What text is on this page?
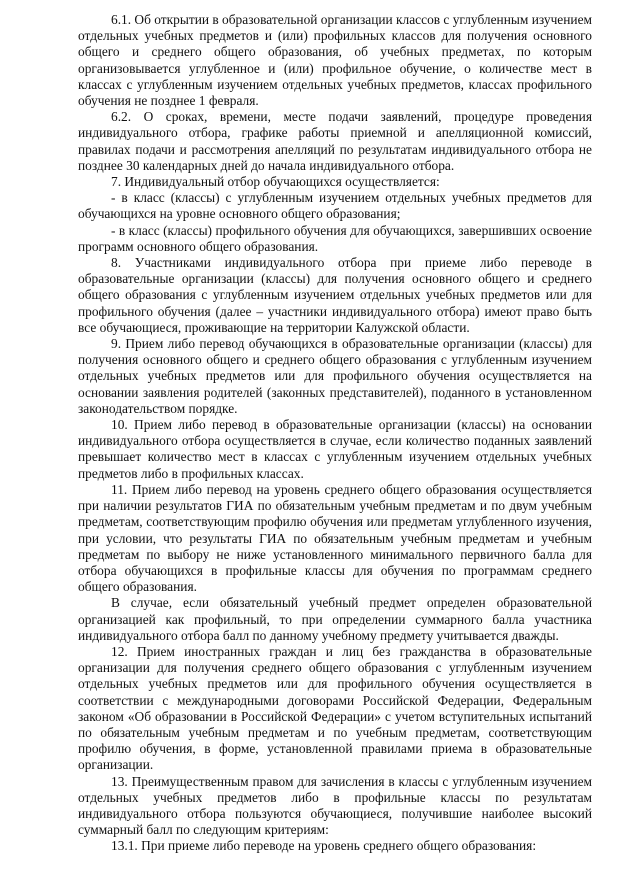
6.1. Об открытии в образовательной организации классов с углубленным изучением отдельных учебных предметов и (или) профильных классов для получения основного общего и среднего общего образования, об учебных предметах, по которым организовывается углубленное и (или) профильное обучение, о количестве мест в классах с углубленным изучением отдельных учебных предметов, классах профильного обучения не позднее 1 февраля.

6.2. О сроках, времени, месте подачи заявлений, процедуре проведения индивидуального отбора, графике работы приемной и апелляционной комиссий, правилах подачи и рассмотрения апелляций по результатам индивидуального отбора не позднее 30 календарных дней до начала индивидуального отбора.

7. Индивидуальный отбор обучающихся осуществляется:

- в класс (классы) с углубленным изучением отдельных учебных предметов для обучающихся на уровне основного общего образования;

- в класс (классы) профильного обучения для обучающихся, завершивших освоение программ основного общего образования.

8. Участниками индивидуального отбора при приеме либо переводе в образовательные организации (классы) для получения основного общего и среднего общего образования с углубленным изучением отдельных учебных предметов или для профильного обучения (далее – участники индивидуального отбора) имеют право быть все обучающиеся, проживающие на территории Калужской области.

9. Прием либо перевод обучающихся в образовательные организации (классы) для получения основного общего и среднего общего образования с углубленным изучением отдельных учебных предметов или для профильного обучения осуществляется на основании заявления родителей (законных представителей), поданного в установленном законодательством порядке.

10. Прием либо перевод в образовательные организации (классы) на основании индивидуального отбора осуществляется в случае, если количество поданных заявлений превышает количество мест в классах с углубленным изучением отдельных учебных предметов либо в профильных классах.

11. Прием либо перевод на уровень среднего общего образования осуществляется при наличии результатов ГИА по обязательным учебным предметам и по двум учебным предметам, соответствующим профилю обучения или предметам углубленного изучения, при условии, что результаты ГИА по обязательным учебным предметам и учебным предметам по выбору не ниже установленного минимального первичного балла для отбора обучающихся в профильные классы для обучения по программам среднего общего образования.

В случае, если обязательный учебный предмет определен образовательной организацией как профильный, то при определении суммарного балла участника индивидуального отбора балл по данному учебному предмету учитывается дважды.

12. Прием иностранных граждан и лиц без гражданства в образовательные организации для получения среднего общего образования с углубленным изучением отдельных учебных предметов или для профильного обучения осуществляется в соответствии с международными договорами Российской Федерации, Федеральным законом «Об образовании в Российской Федерации» с учетом вступительных испытаний по обязательным учебным предметам и по учебным предметам, соответствующим профилю обучения, в форме, установленной правилами приема в образовательные организации.

13. Преимущественным правом для зачисления в классы с углубленным изучением отдельных учебных предметов либо в профильные классы по результатам индивидуального отбора пользуются обучающиеся, получившие наиболее высокий суммарный балл по следующим критериям:

13.1. При приеме либо переводе на уровень среднего общего образования:
